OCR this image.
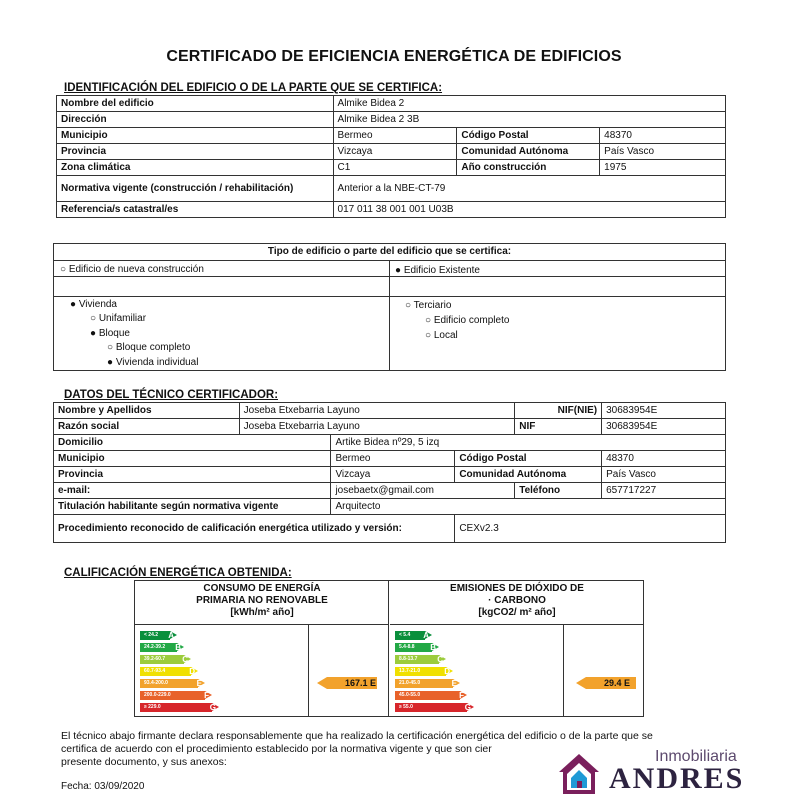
CERTIFICADO DE EFICIENCIA ENERGÉTICA DE EDIFICIOS
IDENTIFICACIÓN DEL EDIFICIO O DE LA PARTE QUE SE CERTIFICA:
Nombre del edificio	Almike Bidea 2		
Dirección	Almike Bidea 2 3B		
Municipio	Bermeo	Código Postal	48370
Provincia	Vizcaya	Comunidad Autónoma	País Vasco
Zona climática	C1	Año construcción	1975
Normativa vigente (construcción / rehabilitación)	Anterior a la NBE-CT-79		
Referencia/s catastral/es	017 011 38 001 001 U03B		
Tipo de edificio o parte del edificio que se certifica:
○ Edificio de nueva construcción	● Edificio Existente
● Vivienda
○ Unifamiliar
● Bloque
○ Bloque completo
● Vivienda individual
○ Terciario
○ Edificio completo
○ Local
DATOS DEL TÉCNICO CERTIFICADOR:
Nombre y Apellidos	Joseba Etxebarria Layuno			NIF(NIE)	30683954E
Razón social	Joseba Etxebarria Layuno			NIF	30683954E
Domicilio		Artike Bidea nº29, 5 izq			
Municipio		Bermeo	Código Postal		48370
Provincia		Vizcaya	Comunidad Autónoma		País Vasco
e-mail:		josebaetx@gmail.com		Teléfono	657717227
Titulación habilitante según normativa vigente		Arquitecto			
Procedimiento reconocido de calificación energética utilizado y versión:			CEXv2.3		
CALIFICACIÓN ENERGÉTICA OBTENIDA:
CONSUMO DE ENERGÍA
PRIMARIA NO RENOVABLE
[kWh/m² año]
< 24.2 A
24.2-39.2 B
39.2-60.7 C
60.7-93.4	D
93.4-200.0	E
200.0-229.0	F
≥ 229.0	G
167.1 E
EMISIONES DE DIÓXIDO DE
· CARBONO
[kgCO2/ m² año]
< 5.4 A
5.4-8.8 B
8.8-13.7 C
13.7-21.0	D
21.0-45.0	E
45.0-55.0	F
≥ 55.0	G
29.4 E
El técnico abajo firmante declara responsablemente que ha realizado la certificación energética del edificio o de la parte que se
certifica de acuerdo con el procedimiento establecido por la normativa vigente y que son cier
presente documento, y sus anexos:
Fecha: 03/09/2020
Inmobiliaria
ANDRES
